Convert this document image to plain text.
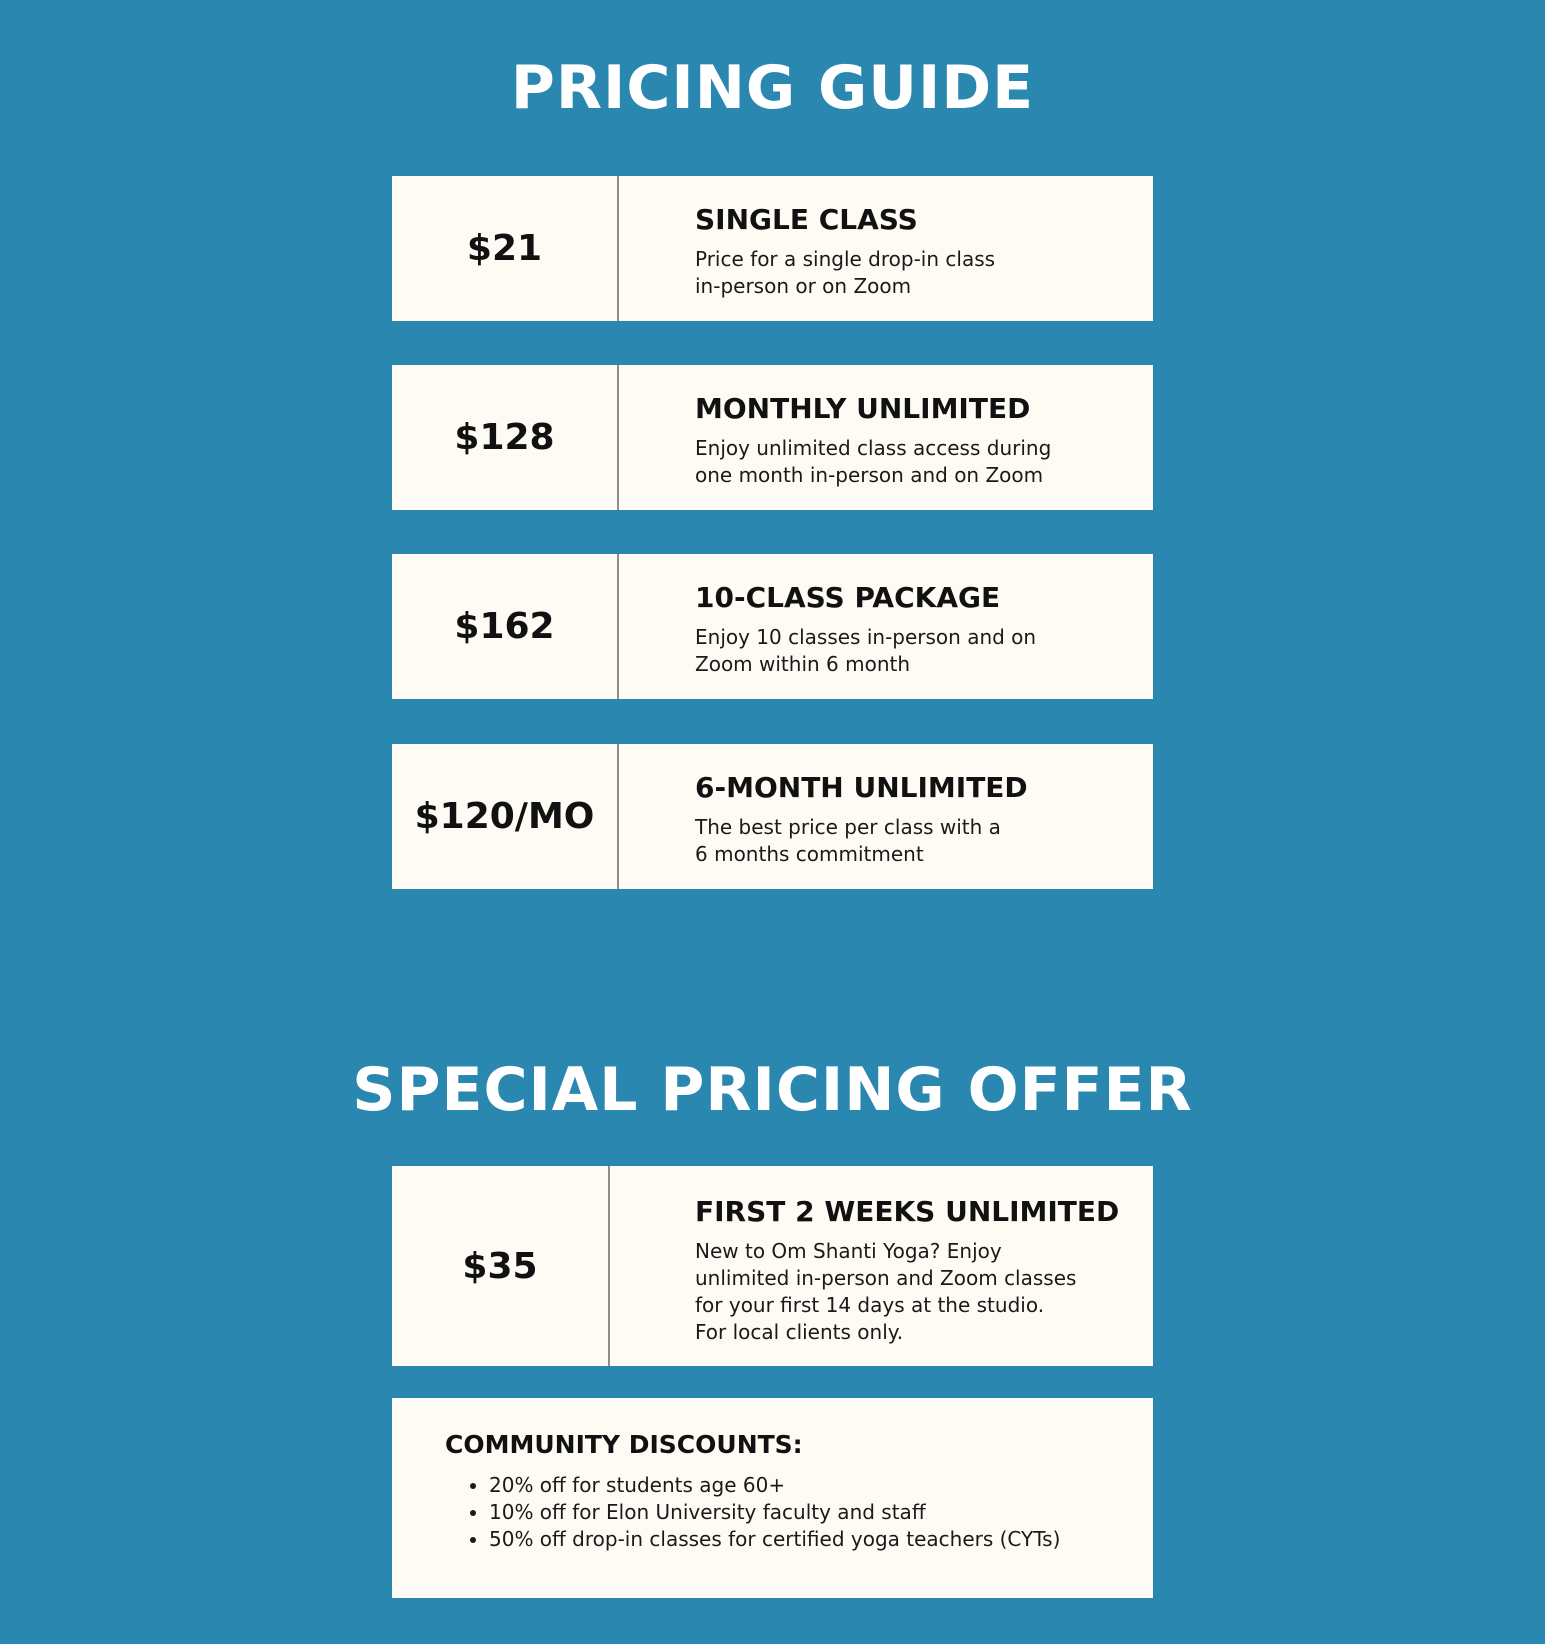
PRICING GUIDE
$21
SINGLE CLASS
Price for a single drop-in class
in-person or on Zoom
$128
MONTHLY UNLIMITED
Enjoy unlimited class access during
one month in-person and on Zoom
$162
10-CLASS PACKAGE
Enjoy 10 classes in-person and on
Zoom within 6 month
$120/MO
6-MONTH UNLIMITED
The best price per class with a
6 months commitment
SPECIAL PRICING OFFER
$35
FIRST 2 WEEKS UNLIMITED
New to Om Shanti Yoga? Enjoy
unlimited in-person and Zoom classes
for your first 14 days at the studio.
For local clients only.
COMMUNITY DISCOUNTS:
• 20% off for students age 60+
• 10% off for Elon University faculty and staff
• 50% off drop-in classes for certified yoga teachers (CYTs)
